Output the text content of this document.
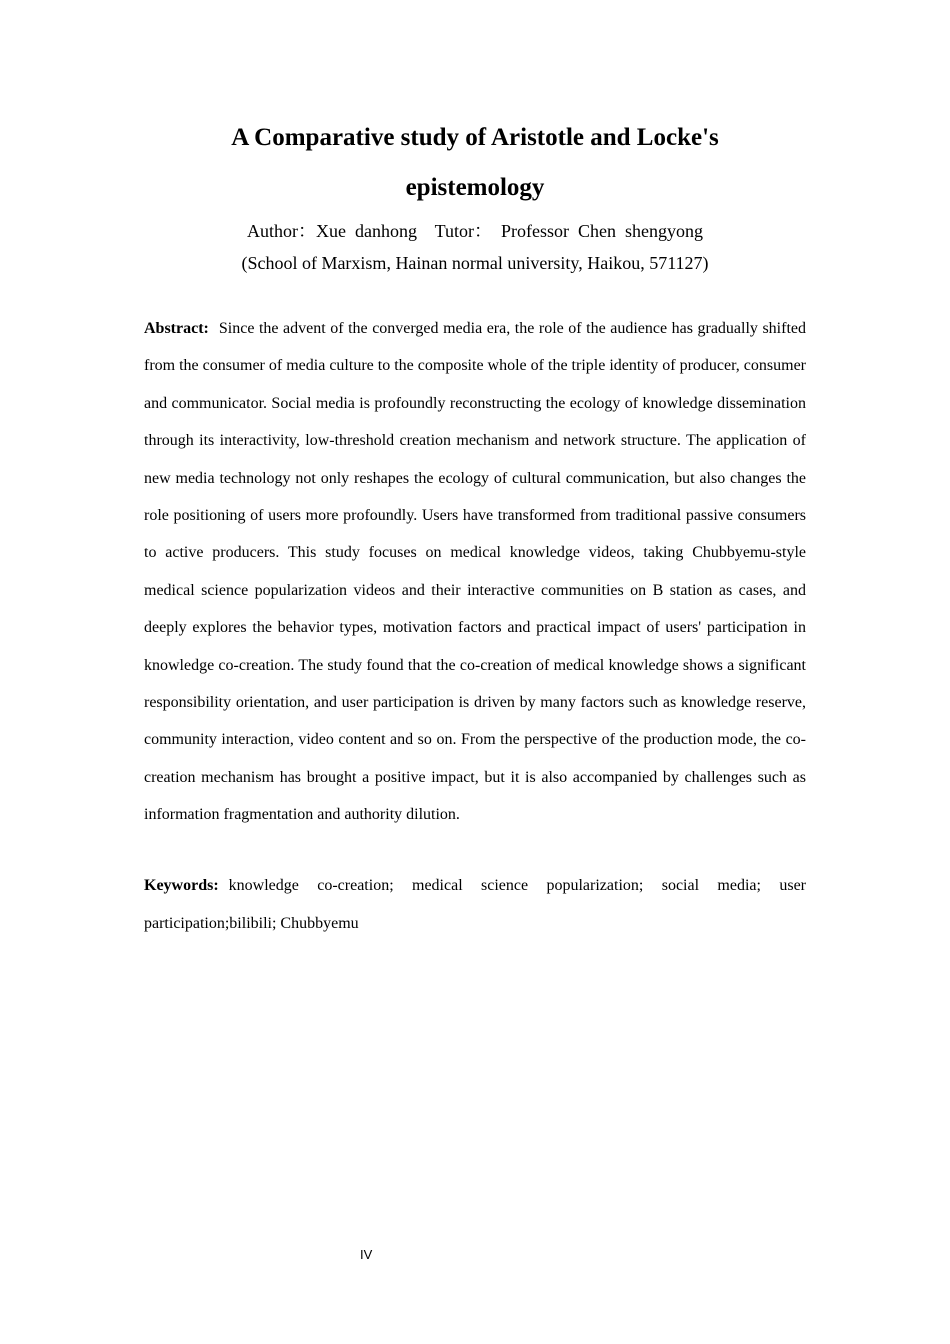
A Comparative study of Aristotle and Locke's
epistemology
Author：Xue  danhong    Tutor：  Professor  Chen  shengyong
(School of Marxism, Hainan normal university, Haikou, 571127)
Abstract: Since the advent of the converged media era, the role of the audience has gradually shifted from the consumer of media culture to the composite whole of the triple identity of producer, consumer and communicator. Social media is profoundly reconstructing the ecology of knowledge dissemination through its interactivity, low-threshold creation mechanism and network structure. The application of new media technology not only reshapes the ecology of cultural communication, but also changes the role positioning of users more profoundly. Users have transformed from traditional passive consumers to active producers. This study focuses on medical knowledge videos, taking Chubbyemu-style medical science popularization videos and their interactive communities on B station as cases, and deeply explores the behavior types, motivation factors and practical impact of users' participation in knowledge co-creation. The study found that the co-creation of medical knowledge shows a significant responsibility orientation, and user participation is driven by many factors such as knowledge reserve, community interaction, video content and so on. From the perspective of the production mode, the co-creation mechanism has brought a positive impact, but it is also accompanied by challenges such as information fragmentation and authority dilution.
Keywords: knowledge co-creation; medical science popularization; social media; user participation;bilibili; Chubbyemu
IV
